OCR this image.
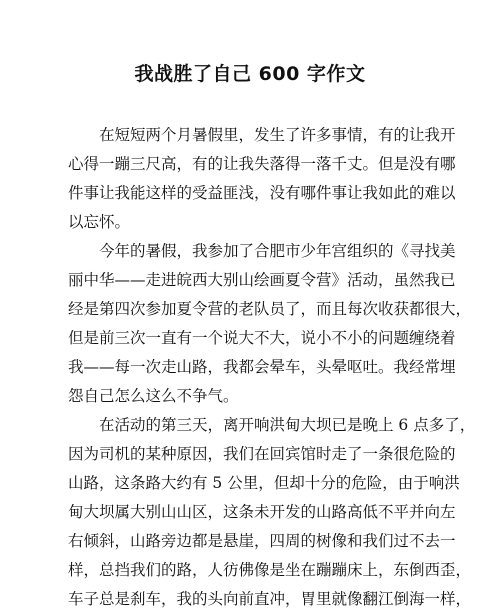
我战胜了自己 600 字作文
在短短两个月暑假里，发生了许多事情，有的让我开
心得一蹦三尺高，有的让我失落得一落千丈。但是没有哪
件事让我能这样的受益匪浅，没有哪件事让我如此的难以
以忘怀。
今年的暑假，我参加了合肥市少年宫组织的《寻找美
丽中华——走进皖西大别山绘画夏令营》活动，虽然我已
经是第四次参加夏令营的老队员了，而且每次收获都很大，
但是前三次一直有一个说大不大，说小不小的问题缠绕着
我——每一次走山路，我都会晕车，头晕呕吐。我经常埋
怨自己怎么这么不争气。
在活动的第三天，离开响洪甸大坝已是晚上 6 点多了，
因为司机的某种原因，我们在回宾馆时走了一条很危险的
山路，这条路大约有 5 公里，但却十分的危险，由于响洪
甸大坝属大别山山区，这条未开发的山路高低不平并向左
右倾斜，山路旁边都是悬崖，四周的树像和我们过不去一
样，总挡我们的路，人彷佛像是坐在蹦蹦床上，东倒西歪，
车子总是刹车，我的头向前直冲，胃里就像翻江倒海一样，
